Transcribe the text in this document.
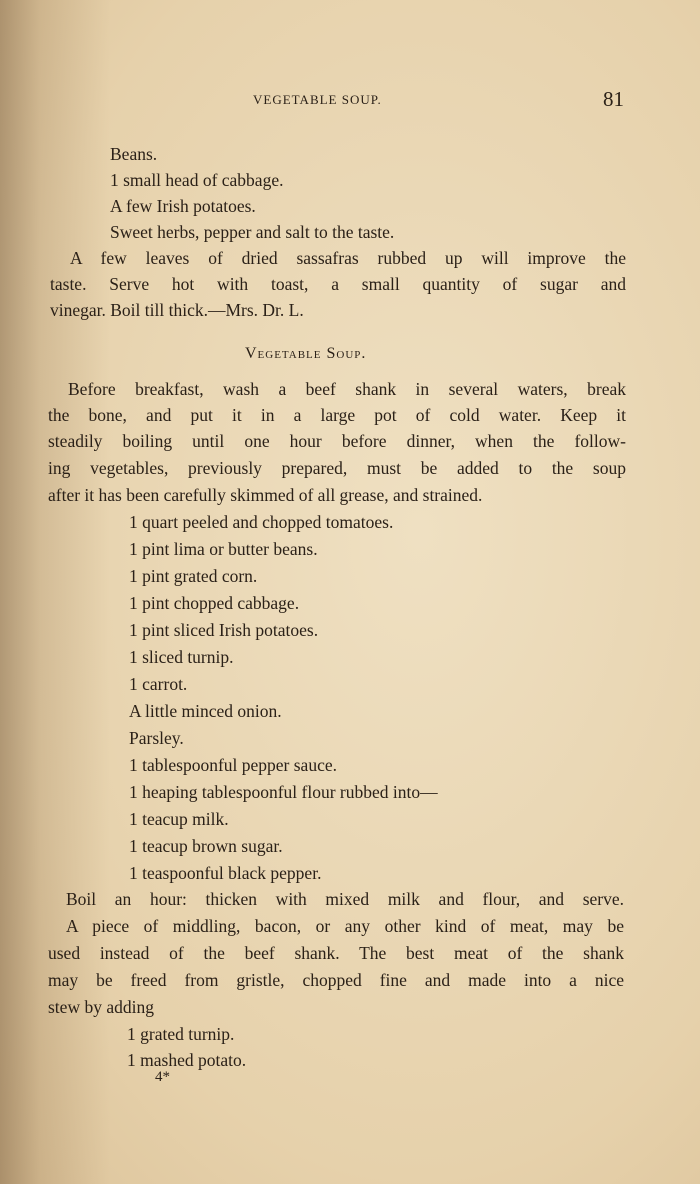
VEGETABLE SOUP.	81
Beans.
1 small head of cabbage.
A few Irish potatoes.
Sweet herbs, pepper and salt to the taste.
A few leaves of dried sassafras rubbed up will improve the
taste. Serve hot with toast, a small quantity of sugar and
vinegar. Boil till thick.—Mrs. Dr. L.
Vegetable Soup.
Before breakfast, wash a beef shank in several waters, break
the bone, and put it in a large pot of cold water. Keep it
steadily boiling until one hour before dinner, when the follow-
ing vegetables, previously prepared, must be added to the soup
after it has been carefully skimmed of all grease, and strained.
1 quart peeled and chopped tomatoes.
1 pint lima or butter beans.
1 pint grated corn.
1 pint chopped cabbage.
1 pint sliced Irish potatoes.
1 sliced turnip.
1 carrot.
A little minced onion.
Parsley.
1 tablespoonful pepper sauce.
1 heaping tablespoonful flour rubbed into—
1 teacup milk.
1 teacup brown sugar.
1 teaspoonful black pepper.
Boil an hour: thicken with mixed milk and flour, and serve.
A piece of middling, bacon, or any other kind of meat, may be
used instead of the beef shank. The best meat of the shank
may be freed from gristle, chopped fine and made into a nice
stew by adding
1 grated turnip.
1 mashed potato.
4*
